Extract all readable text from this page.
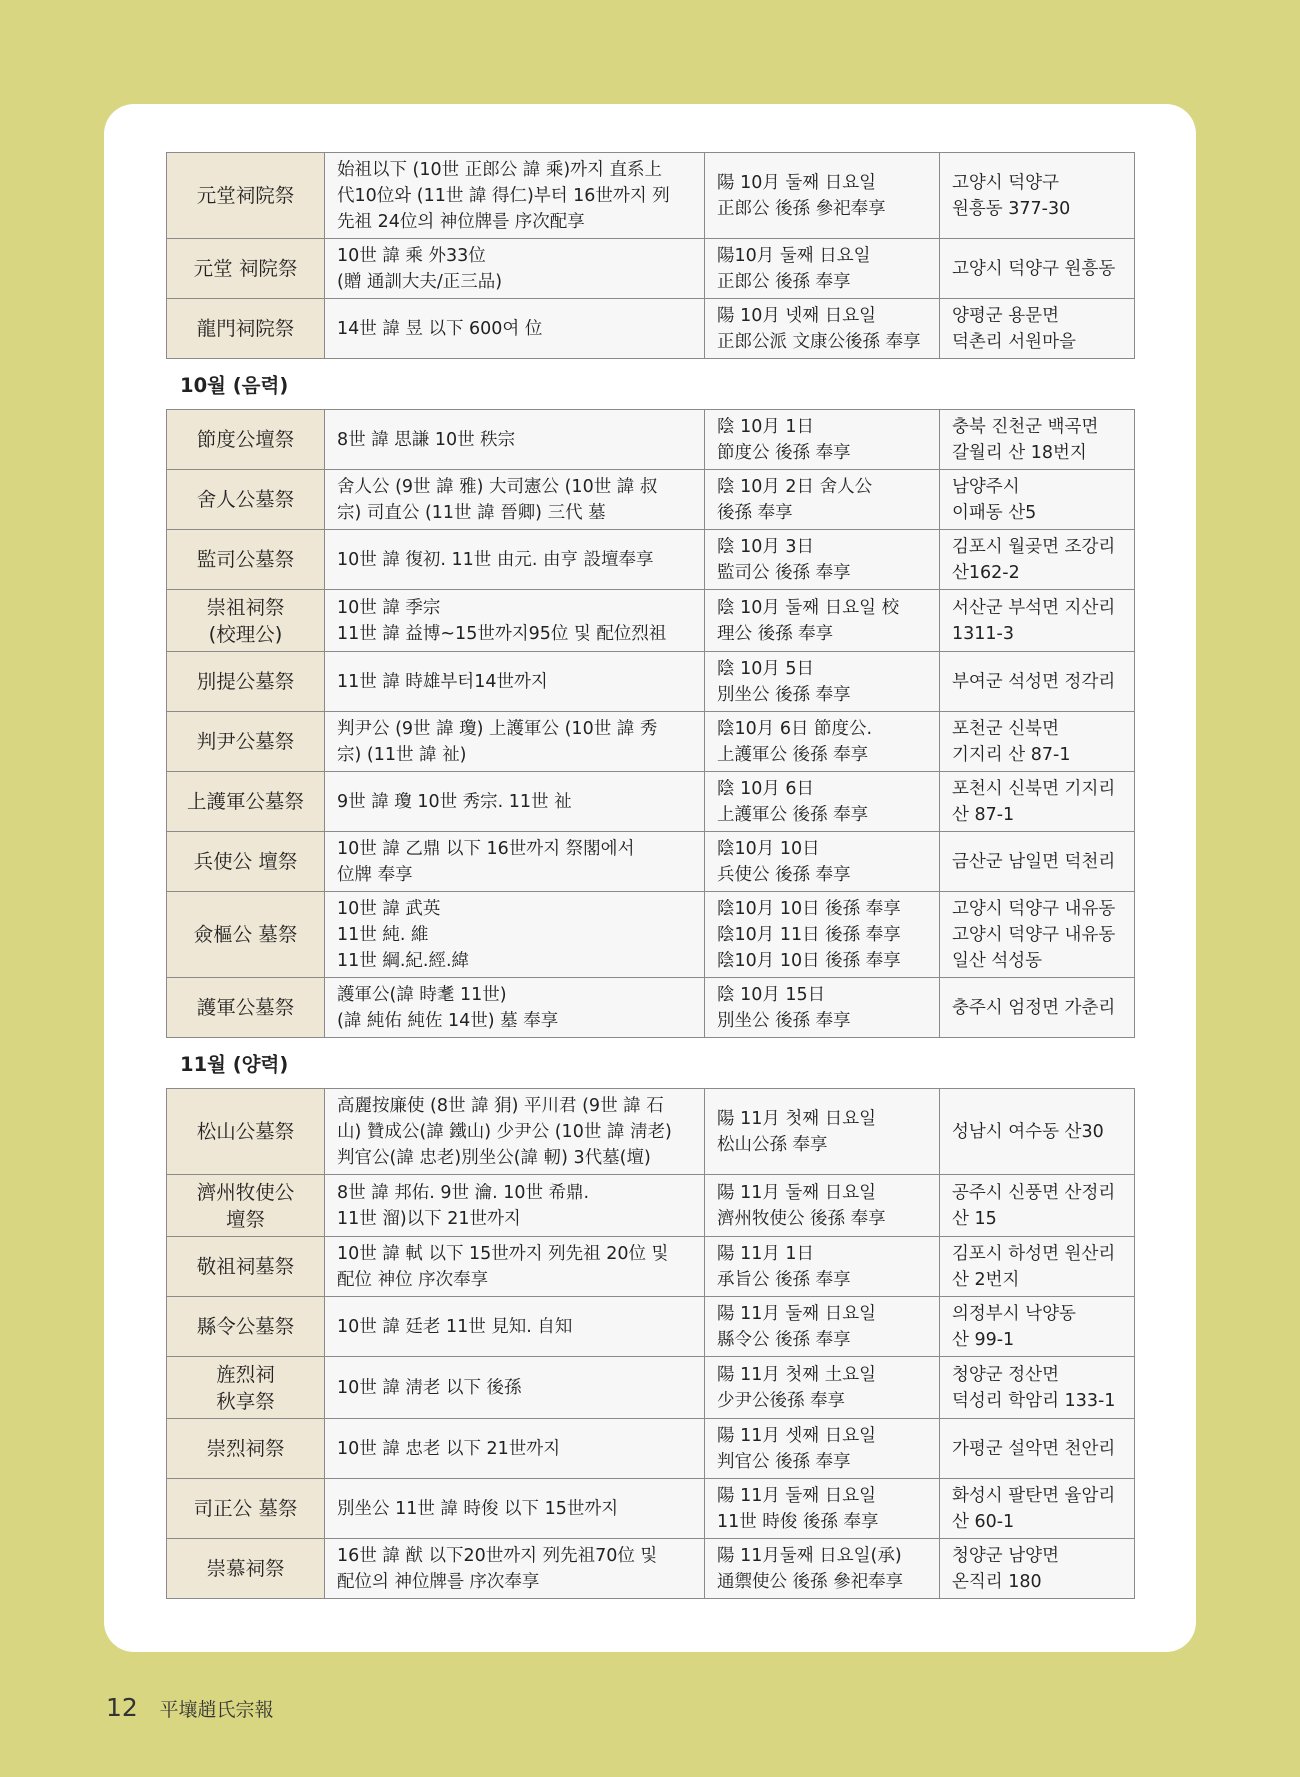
元堂祠院祭	始祖以下 (10世 正郎公 諱 乘)까지 直系上
代10位와 (11世 諱 得仁)부터 16世까지 列
先祖 24位의 神位牌를 序次配享	陽 10月 둘째 日요일
正郎公 後孫 參祀奉享	고양시 덕양구
원흥동 377-30

元堂 祠院祭	10世 諱 乘 外33位
(贈 通訓大夫/正三品)	陽10月 둘째 日요일
正郎公 後孫 奉享	고양시 덕양구 원흥동

龍門祠院祭	14世 諱 昱 以下 600여 位	陽 10月 넷째 日요일
正郎公派 文康公後孫 奉享	양평군 용문면
덕촌리 서원마을
10월 (음력)
節度公壇祭	8世 諱 思謙 10世 秩宗	陰 10月 1日
節度公 後孫 奉享	충북 진천군 백곡면
갈월리 산 18번지

舍人公墓祭	舍人公 (9世 諱 雅) 大司憲公 (10世 諱 叔
宗) 司直公 (11世 諱 晉卿) 三代 墓	陰 10月 2日 舍人公
後孫 奉享	남양주시
이패동 산5

監司公墓祭	10世 諱 復初. 11世 由元. 由亨 設壇奉享	陰 10月 3日
監司公 後孫 奉享	김포시 월곶면 조강리
산162-2

崇祖祠祭
(校理公)	10世 諱 季宗
11世 諱 益博~15世까지95位 및 配位烈祖	陰 10月 둘째 日요일 校
理公 後孫 奉享	서산군 부석면 지산리
1311-3

別提公墓祭	11世 諱 時雄부터14世까지	陰 10月 5日
別坐公 後孫 奉享	부여군 석성면 정각리

判尹公墓祭	判尹公 (9世 諱 瓊) 上護軍公 (10世 諱 秀
宗) (11世 諱 祉)	陰10月 6日 節度公.
上護軍公 後孫 奉享	포천군 신북면
기지리 산 87-1

上護軍公墓祭	9世 諱 瓊 10世 秀宗. 11世 祉	陰 10月 6日
上護軍公 後孫 奉享	포천시 신북면 기지리
산 87-1

兵使公 壇祭	10世 諱 乙鼎 以下 16世까지 祭閣에서
位牌 奉享	陰10月 10日
兵使公 後孫 奉享	금산군 남일면 덕천리

僉樞公 墓祭	10世 諱 武英
11世 純. 維
11世 綱.紀.經.緯	陰10月 10日 後孫 奉享
陰10月 11日 後孫 奉享
陰10月 10日 後孫 奉享	고양시 덕양구 내유동
고양시 덕양구 내유동
일산 석성동

護軍公墓祭	護軍公(諱 時耄 11世)
(諱 純佑 純佐 14世) 墓 奉享	陰 10月 15日
別坐公 後孫 奉享	충주시 엄정면 가춘리
11월 (양력)
松山公墓祭	高麗按廉使 (8世 諱 狷) 平川君 (9世 諱 石
山) 贊成公(諱 鐵山) 少尹公 (10世 諱 淸老)
判官公(諱 忠老)別坐公(諱 軔) 3代墓(壇)	陽 11月 첫째 日요일
松山公孫 奉享	성남시 여수동 산30

濟州牧使公
壇祭	8世 諱 邦佑. 9世 瀹. 10世 希鼎.
11世 溜)以下 21世까지	陽 11月 둘째 日요일
濟州牧使公 後孫 奉享	공주시 신풍면 산정리
산 15

敬祖祠墓祭	10世 諱 軾 以下 15世까지 列先祖 20位 및
配位 神位 序次奉享	陽 11月 1日
承旨公 後孫 奉享	김포시 하성면 원산리
산 2번지

縣令公墓祭	10世 諱 廷老 11世 見知. 自知	陽 11月 둘째 日요일
縣令公 後孫 奉享	의정부시 낙양동
산 99-1

旌烈祠
秋享祭	10世 諱 淸老 以下 後孫	陽 11月 첫째 土요일
少尹公後孫 奉享	청양군 정산면
덕성리 학암리 133-1

崇烈祠祭	10世 諱 忠老 以下 21世까지	陽 11月 셋째 日요일
判官公 後孫 奉享	가평군 설악면 천안리

司正公 墓祭	別坐公 11世 諱 時俊 以下 15世까지	陽 11月 둘째 日요일
11世 時俊 後孫 奉享	화성시 팔탄면 율암리
산 60-1

崇慕祠祭	16世 諱 猷 以下20世까지 列先祖70位 및
配位의 神位牌를 序次奉享	陽 11月둘째 日요일(承)
通禦使公 後孫 參祀奉享	청양군 남양면
온직리 180
12 平壤趙氏宗報
